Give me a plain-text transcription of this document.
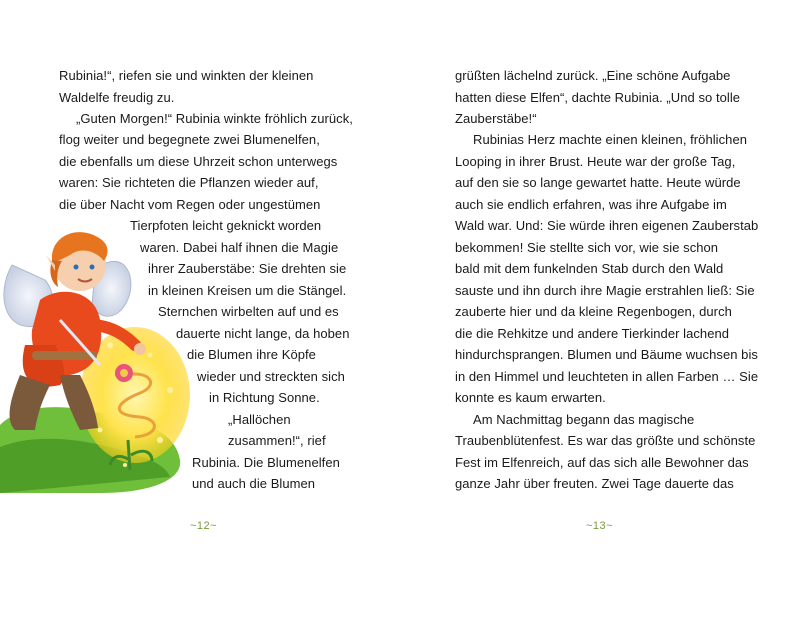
Rubinia!“, riefen sie und winkten der kleinen
Waldelfe freudig zu.
„Guten Morgen!“ Rubinia winkte fröhlich zurück,
flog weiter und begegnete zwei Blumenelfen,
die ebenfalls um diese Uhrzeit schon unterwegs
waren: Sie richteten die Pflanzen wieder auf,
die über Nacht vom Regen oder ungestümen
Tierpfoten leicht geknickt worden
waren. Dabei half ihnen die Magie
ihrer Zauberstäbe: Sie drehten sie
in kleinen Kreisen um die Stängel.
Sternchen wirbelten auf und es
dauerte nicht lange, da hoben
die Blumen ihre Köpfe
wieder und streckten sich
in Richtung Sonne.
„Hallöchen
zusammen!“, rief
Rubinia. Die Blumenelfen
und auch die Blumen
~12~
grüßten lächelnd zurück. „Eine schöne Aufgabe
hatten diese Elfen“, dachte Rubinia. „Und so tolle
Zauberstäbe!“
Rubinias Herz machte einen kleinen, fröhlichen
Looping in ihrer Brust. Heute war der große Tag,
auf den sie so lange gewartet hatte. Heute würde
auch sie endlich erfahren, was ihre Aufgabe im
Wald war. Und: Sie würde ihren eigenen Zauberstab
bekommen! Sie stellte sich vor, wie sie schon
bald mit dem funkelnden Stab durch den Wald
sauste und ihn durch ihre Magie erstrahlen ließ: Sie
zauberte hier und da kleine Regenbogen, durch
die die Rehkitze und andere Tierkinder lachend
hindurchsprangen. Blumen und Bäume wuchsen bis
in den Himmel und leuchteten in allen Farben … Sie
konnte es kaum erwarten.
Am Nachmittag begann das magische
Traubenblütenfest. Es war das größte und schönste
Fest im Elfenreich, auf das sich alle Bewohner das
ganze Jahr über freuten. Zwei Tage dauerte das
~13~
